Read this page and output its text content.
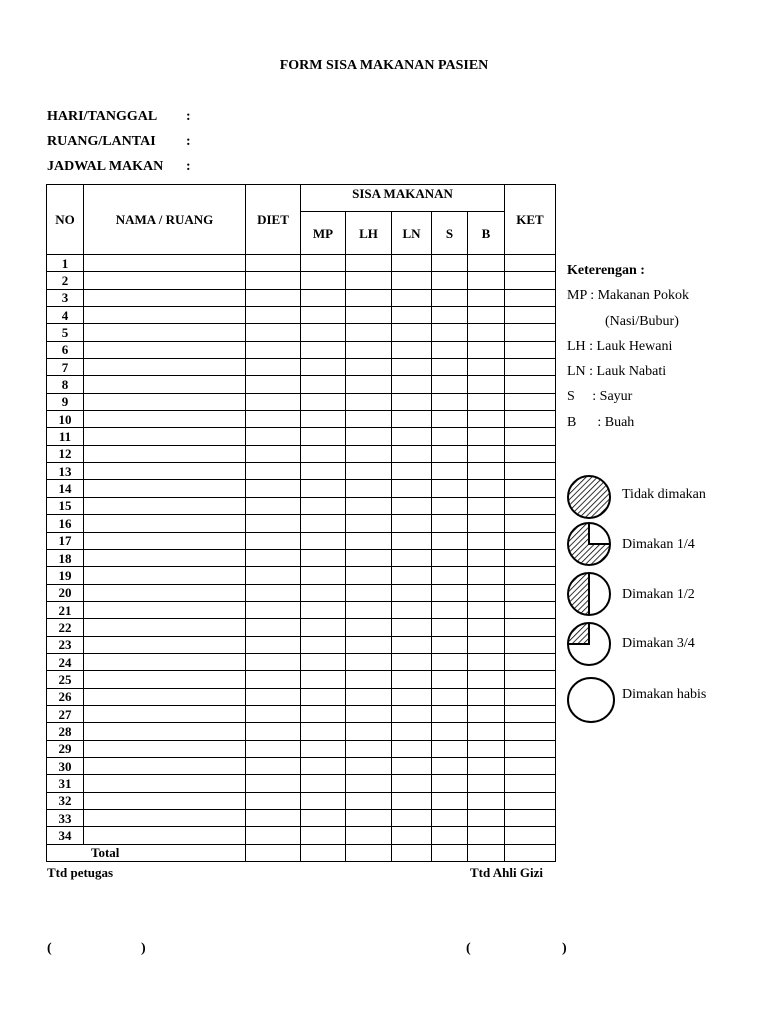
FORM SISA MAKANAN PASIEN
HARI/TANGGAL :
RUANG/LANTAI :
JADWAL MAKAN :
NO	NAMA / RUANG	DIET	SISA MAKANAN					KET
			MP	LH	LN	S	B	
1								
2								
3								
4								
5								
6								
7								
8								
9								
10								
11								
12								
13								
14								
15								
16								
17								
18								
19								
20								
21								
22								
23								
24								
25								
26								
27								
28								
29								
30								
31								
32								
33								
34								
Total								
Ttd petugas	Ttd Ahli Gizi
(	)	(	)
Keterengan :
MP : Makanan Pokok
(Nasi/Bubur)
LH : Lauk Hewani
LN : Lauk Nabati
S     : Sayur
B      : Buah
Tidak dimakan
Dimakan 1/4
Dimakan 1/2
Dimakan 3/4
Dimakan habis
